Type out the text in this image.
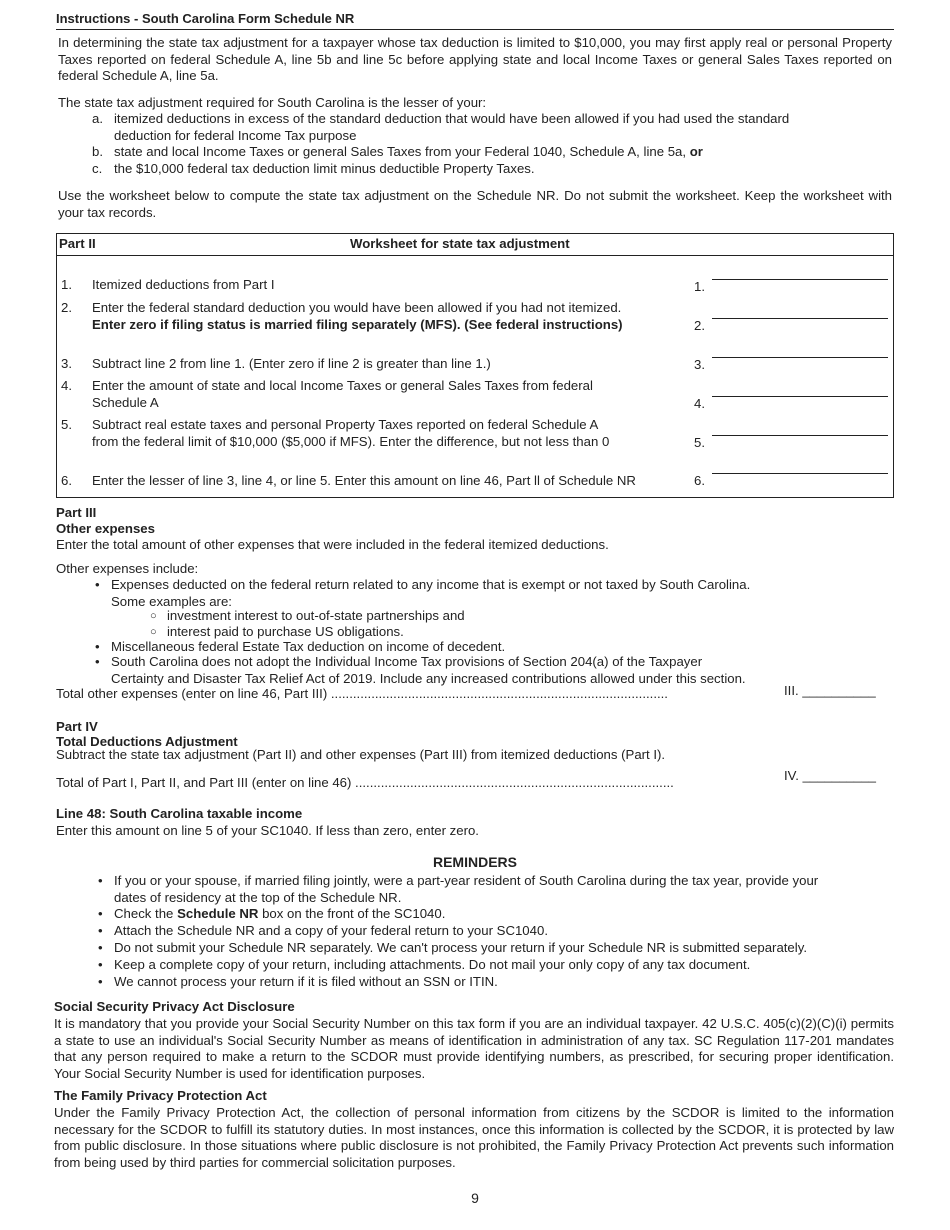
Instructions - South Carolina Form Schedule NR
In determining the state tax adjustment for a taxpayer whose tax deduction is limited to $10,000, you may first apply real or personal Property Taxes reported on federal Schedule A, line 5b and line 5c before applying state and local Income Taxes or general Sales Taxes reported on federal Schedule A, line 5a.
The state tax adjustment required for South Carolina is the lesser of your:
a. itemized deductions in excess of the standard deduction that would have been allowed if you had used the standard
deduction for federal Income Tax purpose
b. state and local Income Taxes or general Sales Taxes from your Federal 1040, Schedule A, line 5a, or
c. the $10,000 federal tax deduction limit minus deductible Property Taxes.
Use the worksheet below to compute the state tax adjustment on the Schedule NR. Do not submit the worksheet. Keep the worksheet with your tax records.
Part II	Worksheet for state tax adjustment
1. Itemized deductions from Part I	1.
2. Enter the federal standard deduction you would have been allowed if you had not itemized.
Enter zero if filing status is married filing separately (MFS). (See federal instructions)	2.
3. Subtract line 2 from line 1. (Enter zero if line 2 is greater than line 1.)	3.
4. Enter the amount of state and local Income Taxes or general Sales Taxes from federal
Schedule A	4.
5. Subtract real estate taxes and personal Property Taxes reported on federal Schedule A
from the federal limit of $10,000 ($5,000 if MFS). Enter the difference, but not less than 0	5.
6. Enter the lesser of line 3, line 4, or line 5. Enter this amount on line 46, Part ll of Schedule NR	6.
Part III
Other expenses
Enter the total amount of other expenses that were included in the federal itemized deductions.
Other expenses include:
• Expenses deducted on the federal return related to any income that is exempt or not taxed by South Carolina.
Some examples are:
○ investment interest to out-of-state partnerships and
○ interest paid to purchase US obligations.
• Miscellaneous federal Estate Tax deduction on income of decedent.
• South Carolina does not adopt the Individual Income Tax provisions of Section 204(a) of the Taxpayer
Certainty and Disaster Tax Relief Act of 2019. Include any increased contributions allowed under this section.
Total other expenses (enter on line 46, Part III) ............................................................................................	III. __________
Part IV
Total Deductions Adjustment
Subtract the state tax adjustment (Part II) and other expenses (Part III) from itemized deductions (Part I).
Total of Part I, Part II, and Part III (enter on line 46) .......................................................................................	IV. __________
Line 48: South Carolina taxable income
Enter this amount on line 5 of your SC1040. If less than zero, enter zero.
REMINDERS
• If you or your spouse, if married filing jointly, were a part-year resident of South Carolina during the tax year, provide your
dates of residency at the top of the Schedule NR.
• Check the Schedule NR box on the front of the SC1040.
• Attach the Schedule NR and a copy of your federal return to your SC1040.
• Do not submit your Schedule NR separately. We can't process your return if your Schedule NR is submitted separately.
• Keep a complete copy of your return, including attachments. Do not mail your only copy of any tax document.
• We cannot process your return if it is filed without an SSN or ITIN.
Social Security Privacy Act Disclosure
It is mandatory that you provide your Social Security Number on this tax form if you are an individual taxpayer. 42 U.S.C. 405(c)(2)(C)(i) permits a state to use an individual's Social Security Number as means of identification in administration of any tax. SC Regulation 117-201 mandates that any person required to make a return to the SCDOR must provide identifying numbers, as prescribed, for securing proper identification. Your Social Security Number is used for identification purposes.
The Family Privacy Protection Act
Under the Family Privacy Protection Act, the collection of personal information from citizens by the SCDOR is limited to the information necessary for the SCDOR to fulfill its statutory duties. In most instances, once this information is collected by the SCDOR, it is protected by law from public disclosure. In those situations where public disclosure is not prohibited, the Family Privacy Protection Act prevents such information from being used by third parties for commercial solicitation purposes.
9
